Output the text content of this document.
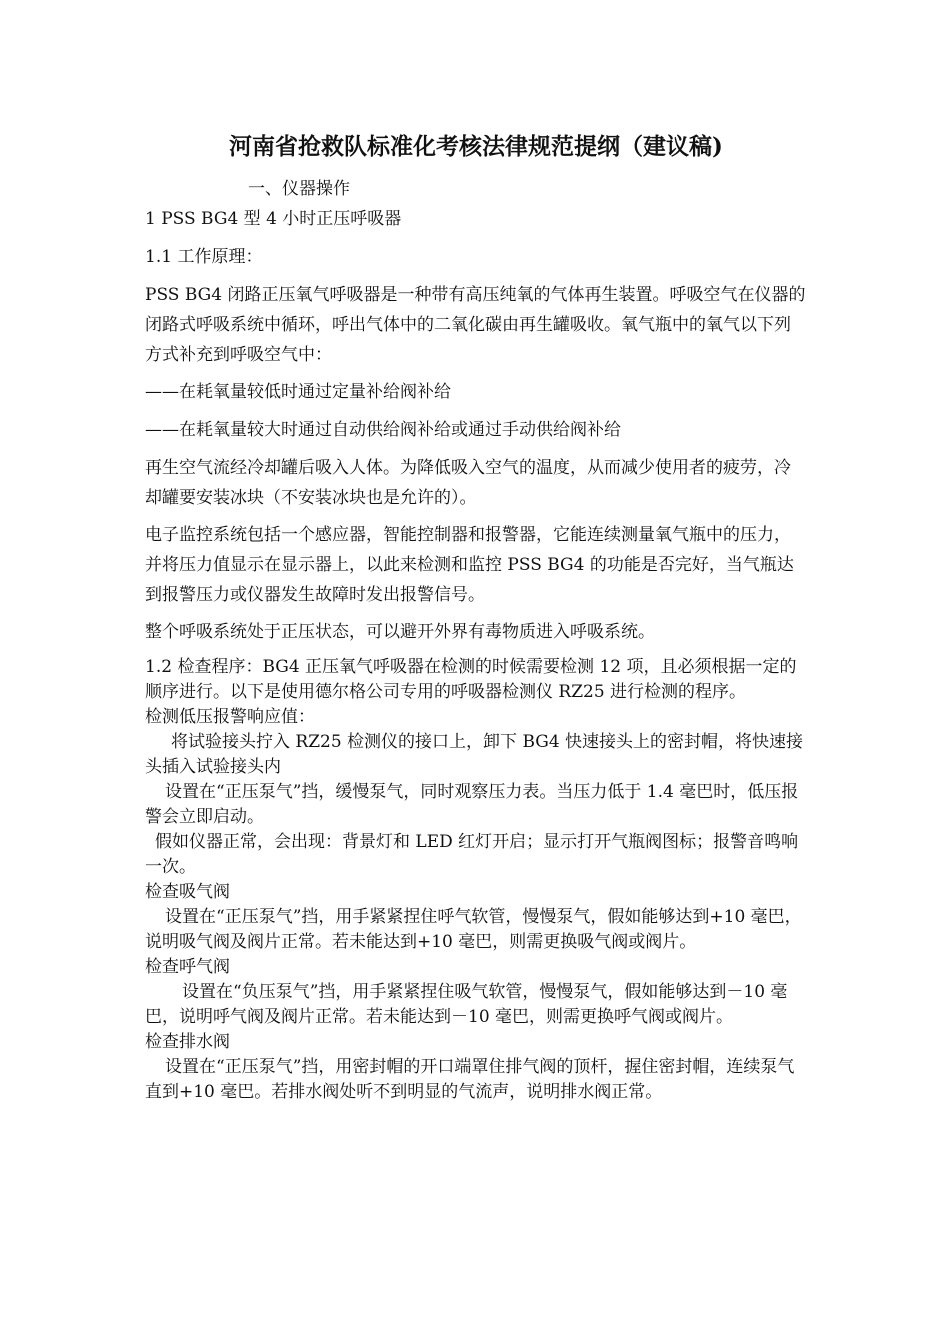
河南省抢救队标准化考核法律规范提纲（建议稿)

一、仪器操作

1 PSS BG4 型 4 小时正压呼吸器

1.1 工作原理：

PSS BG4 闭路正压氧气呼吸器是一种带有高压纯氧的气体再生装置。呼吸空气在仪器的闭路式呼吸系统中循环，呼出气体中的二氧化碳由再生罐吸收。氧气瓶中的氧气以下列方式补充到呼吸空气中：

——在耗氧量较低时通过定量补给阀补给

——在耗氧量较大时通过自动供给阀补给或通过手动供给阀补给

再生空气流经冷却罐后吸入人体。为降低吸入空气的温度，从而减少使用者的疲劳，冷却罐要安装冰块（不安装冰块也是允许的）。

电子监控系统包括一个感应器，智能控制器和报警器，它能连续测量氧气瓶中的压力，并将压力值显示在显示器上，以此来检测和监控 PSS BG4 的功能是否完好，当气瓶达到报警压力或仪器发生故障时发出报警信号。

整个呼吸系统处于正压状态，可以避开外界有毒物质进入呼吸系统。

1.2 检查程序：BG4 正压氧气呼吸器在检测的时候需要检测 12 项，且必须根据一定的顺序进行。以下是使用德尔格公司专用的呼吸器检测仪 RZ25 进行检测的程序。

检测低压报警响应值：

将试验接头拧入 RZ25 检测仪的接口上，卸下 BG4 快速接头上的密封帽，将快速接头插入试验接头内

设置在“正压泵气”挡，缓慢泵气，同时观察压力表。当压力低于 1.4 毫巴时，低压报警会立即启动。

假如仪器正常，会出现：背景灯和 LED 红灯开启；显示打开气瓶阀图标；报警音鸣响一次。

检查吸气阀

设置在“正压泵气”挡，用手紧紧捏住呼气软管，慢慢泵气，假如能够达到+10 毫巴，说明吸气阀及阀片正常。若未能达到+10 毫巴，则需更换吸气阀或阀片。

检查呼气阀

设置在“负压泵气”挡，用手紧紧捏住吸气软管，慢慢泵气，假如能够达到－10 毫巴，说明呼气阀及阀片正常。若未能达到－10 毫巴，则需更换呼气阀或阀片。

检查排水阀

设置在“正压泵气”挡，用密封帽的开口端罩住排气阀的顶杆，握住密封帽，连续泵气直到+10 毫巴。若排水阀处听不到明显的气流声，说明排水阀正常。
